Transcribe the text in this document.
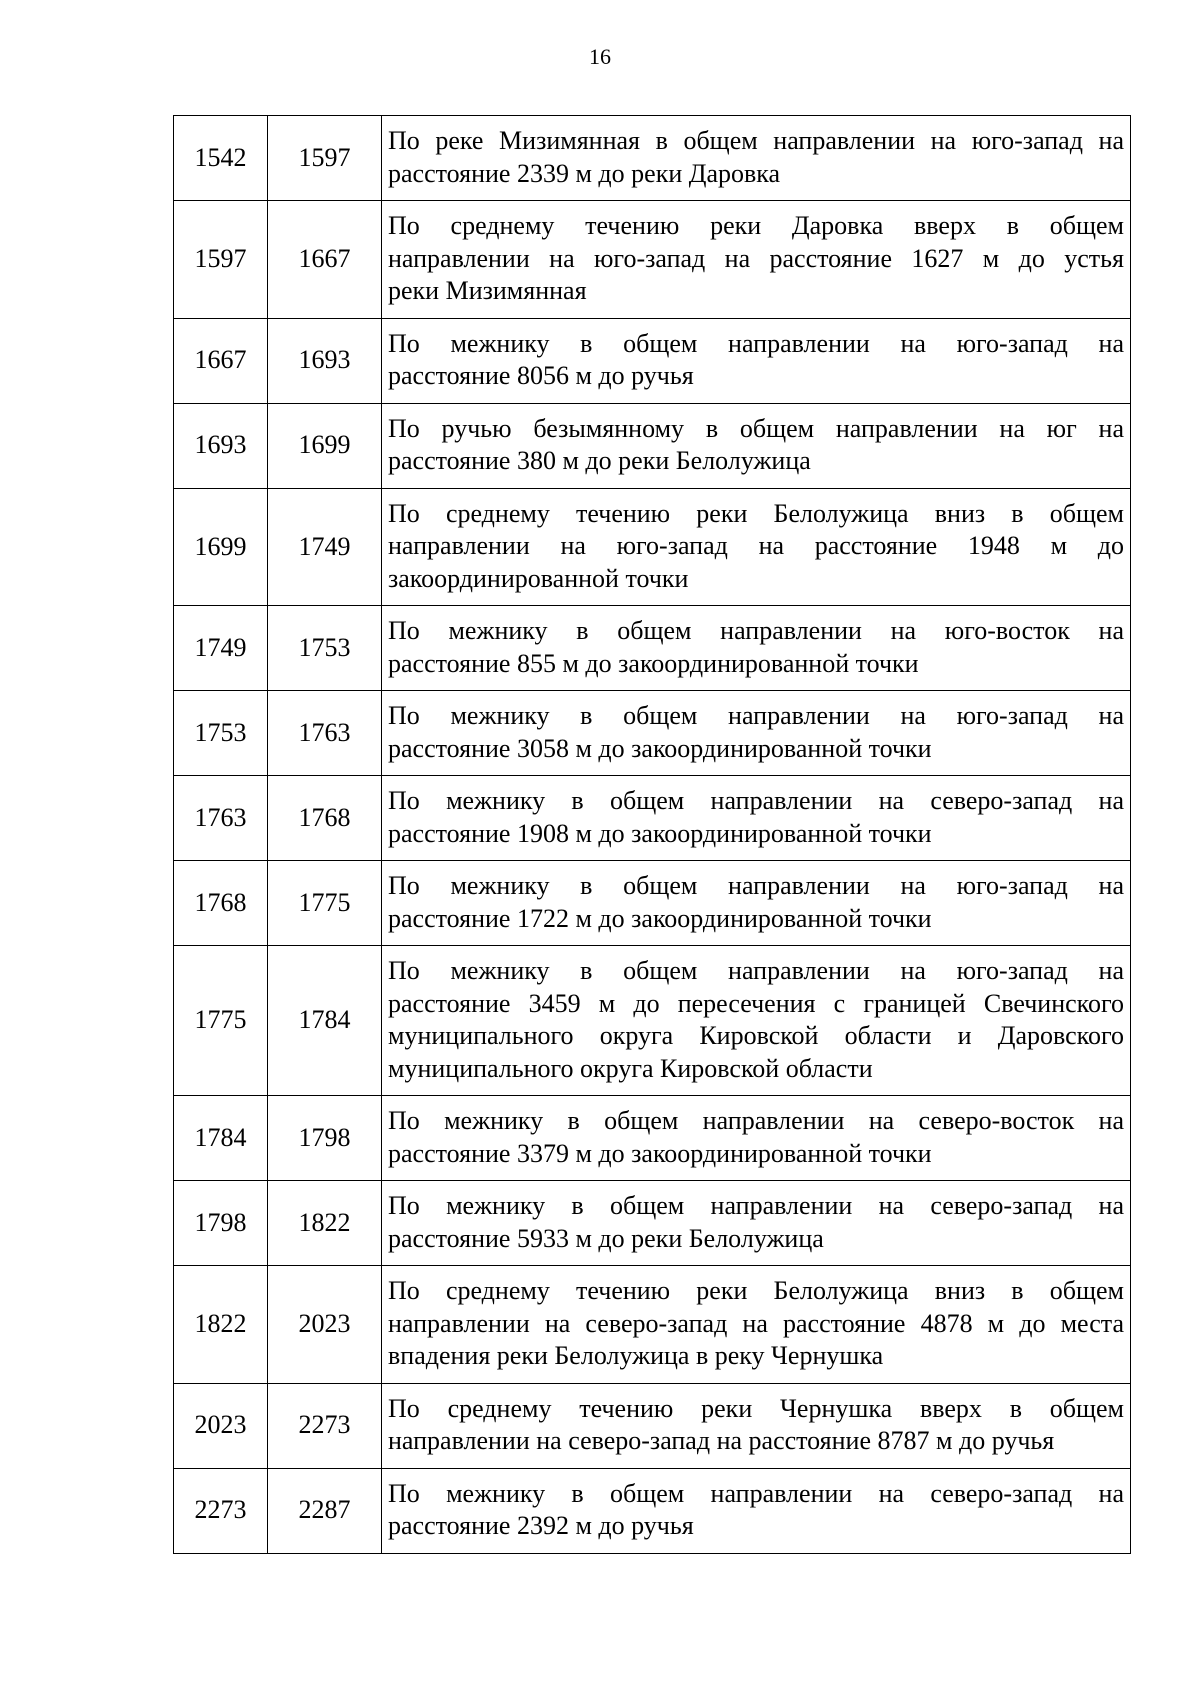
16
1542	1597	По реке Мизимянная в общем направлении на юго-запад на
расстояние 2339 м до реки Даровка

1597	1667	По среднему течению реки Даровка вверх в общем
направлении на юго-запад на расстояние 1627 м до устья
реки Мизимянная

1667	1693	По межнику в общем направлении на юго-запад на
расстояние 8056 м до ручья

1693	1699	По ручью безымянному в общем направлении на юг на
расстояние 380 м до реки Белолужица

1699	1749	По среднему течению реки Белолужица вниз в общем
направлении на юго-запад на расстояние 1948 м до
закоординированной точки

1749	1753	По межнику в общем направлении на юго-восток на
расстояние 855 м до закоординированной точки

1753	1763	По межнику в общем направлении на юго-запад на
расстояние 3058 м до закоординированной точки

1763	1768	По межнику в общем направлении на северо-запад на
расстояние 1908 м до закоординированной точки

1768	1775	По межнику в общем направлении на юго-запад на
расстояние 1722 м до закоординированной точки

1775	1784	По межнику в общем направлении на юго-запад на
расстояние 3459 м до пересечения с границей Свечинского
муниципального округа Кировской области и Даровского
муниципального округа Кировской области

1784	1798	По межнику в общем направлении на северо-восток на
расстояние 3379 м до закоординированной точки

1798	1822	По межнику в общем направлении на северо-запад на
расстояние 5933 м до реки Белолужица

1822	2023	По среднему течению реки Белолужица вниз в общем
направлении на северо-запад на расстояние 4878 м до места
впадения реки Белолужица в реку Чернушка

2023	2273	По среднему течению реки Чернушка вверх в общем
направлении на северо-запад на расстояние 8787 м до ручья

2273	2287	По межнику в общем направлении на северо-запад на
расстояние 2392 м до ручья
